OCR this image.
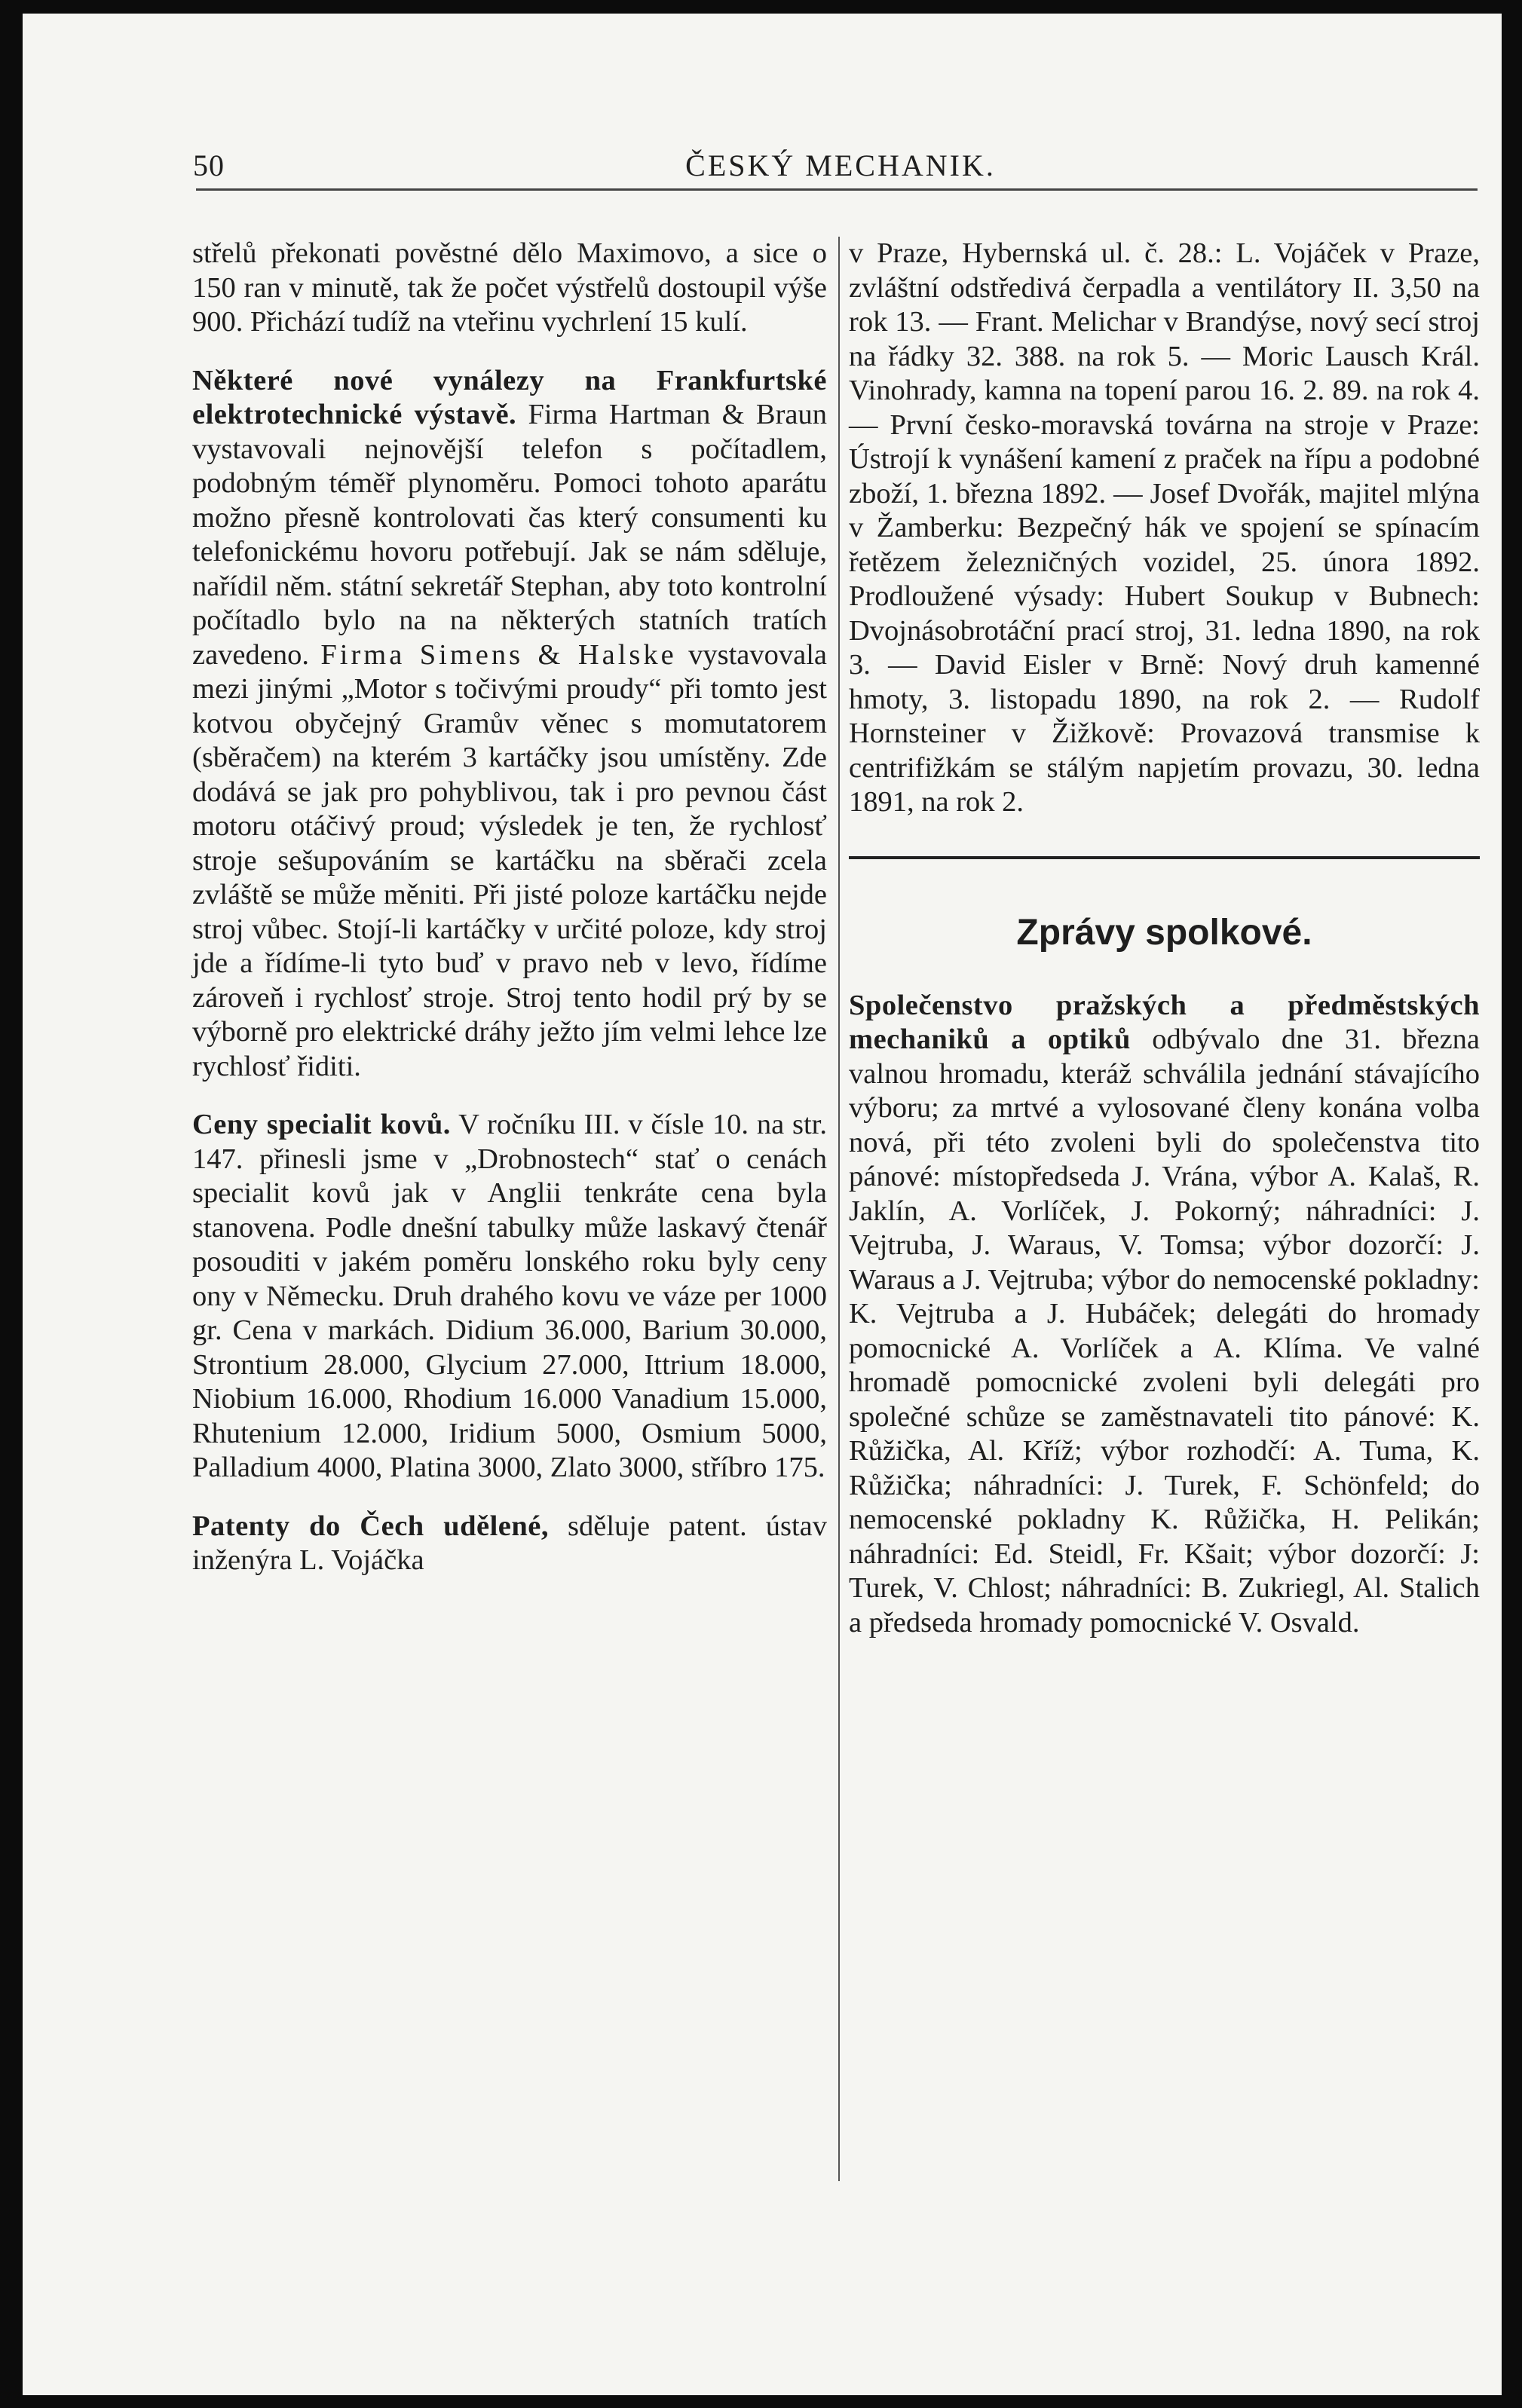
50	ČESKÝ MECHANIK.

střelů překonati pověstné dělo Maximovo, a sice o 150 ran v minutě, tak že počet výstřelů dostoupil výše 900. Přichází tudíž na vteřinu vychrlení 15 kulí.

Některé nové vynálezy na Frankfurtské elektrotechnické výstavě. Firma Hartman & Braun vystavovali nejnovější telefon s počítadlem, podobným téměř plynoměru. Pomoci tohoto aparátu možno přesně kontrolovati čas který consumenti ku telefonickému hovoru potřebují. Jak se nám sděluje, nařídil něm. státní sekretář Stephan, aby toto kontrolní počítadlo bylo na na některých statních tratích zavedeno. Firma Simens & Halske vystavovala mezi jinými „Motor s točivými proudy“ při tomto jest kotvou obyčejný Gramův věnec s momutatorem (sběračem) na kterém 3 kartáčky jsou umístěny. Zde dodává se jak pro pohyblivou, tak i pro pevnou část motoru otáčivý proud; výsledek je ten, že rychlosť stroje sešupováním se kartáčku na sběrači zcela zvláště se může měniti. Při jisté poloze kartáčku nejde stroj vůbec. Stojí-li kartáčky v určité poloze, kdy stroj jde a řídíme-li tyto buď v pravo neb v levo, řídíme zároveň i rychlosť stroje. Stroj tento hodil prý by se výborně pro elektrické dráhy ježto jím velmi lehce lze rychlosť řiditi.

Ceny specialit kovů. V ročníku III. v čísle 10. na str. 147. přinesli jsme v „Drobnostech“ stať o cenách specialit kovů jak v Anglii tenkráte cena byla stanovena. Podle dnešní tabulky může laskavý čtenář posouditi v jakém poměru lonského roku byly ceny ony v Německu. Druh drahého kovu ve váze per 1000 gr. Cena v markách. Didium 36.000, Barium 30.000, Strontium 28.000, Glycium 27.000, Ittrium 18.000, Niobium 16.000, Rhodium 16.000 Vanadium 15.000, Rhutenium 12.000, Iridium 5000, Osmium 5000, Palladium 4000, Platina 3000, Zlato 3000, stříbro 175.

Patenty do Čech udělené, sděluje patent. ústav inženýra L. Vojáčka

v Praze, Hybernská ul. č. 28.: L. Vojáček v Praze, zvláštní odstředivá čerpadla a ventilátory II. 3,50 na rok 13. — Frant. Melichar v Brandýse, nový secí stroj na řádky 32. 388. na rok 5. — Moric Lausch Král. Vinohrady, kamna na topení parou 16. 2. 89. na rok 4. — První česko-moravská továrna na stroje v Praze: Ústrojí k vynášení kamení z praček na řípu a podobné zboží, 1. března 1892. — Josef Dvořák, majitel mlýna v Žamberku: Bezpečný hák ve spojení se spínacím řetězem železničných vozidel, 25. února 1892. Prodloužené výsady: Hubert Soukup v Bubnech: Dvojnásobrotáční prací stroj, 31. ledna 1890, na rok 3. — David Eisler v Brně: Nový druh kamenné hmoty, 3. listopadu 1890, na rok 2. — Rudolf Hornsteiner v Žižkově: Provazová transmise k centrifižkám se stálým napjetím provazu, 30. ledna 1891, na rok 2.

Zprávy spolkové.

Společenstvo pražských a předměstských mechaniků a optiků odbývalo dne 31. března valnou hromadu, kteráž schválila jednání stávajícího výboru; za mrtvé a vylosované členy konána volba nová, při této zvoleni byli do společenstva tito pánové: místopředseda J. Vrána, výbor A. Kalaš, R. Jaklín, A. Vorlíček, J. Pokorný; náhradníci: J. Vejtruba, J. Waraus, V. Tomsa; výbor dozorčí: J. Waraus a J. Vejtruba; výbor do nemocenské pokladny: K. Vejtruba a J. Hubáček; delegáti do hromady pomocnické A. Vorlíček a A. Klíma. Ve valné hromadě pomocnické zvoleni byli delegáti pro společné schůze se zaměstnavateli tito pánové: K. Růžička, Al. Kříž; výbor rozhodčí: A. Tuma, K. Růžička; náhradníci: J. Turek, F. Schönfeld; do nemocenské pokladny K. Růžička, H. Pelikán; náhradníci: Ed. Steidl, Fr. Kšait; výbor dozorčí: J: Turek, V. Chlost; náhradníci: B. Zukriegl, Al. Stalich a předseda hromady pomocnické V. Osvald.
